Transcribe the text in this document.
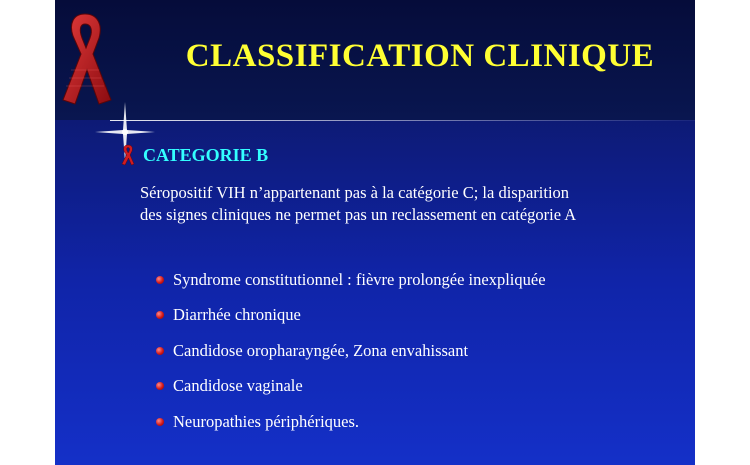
CLASSIFICATION CLINIQUE
CATEGORIE B
Séropositif VIH n’appartenant pas à la catégorie C; la disparition
des signes cliniques ne permet pas un reclassement en catégorie A
Syndrome constitutionnel : fièvre prolongée inexpliquée
Diarrhée chronique
Candidose oropharayngée, Zona envahissant
Candidose vaginale
Neuropathies périphériques.
